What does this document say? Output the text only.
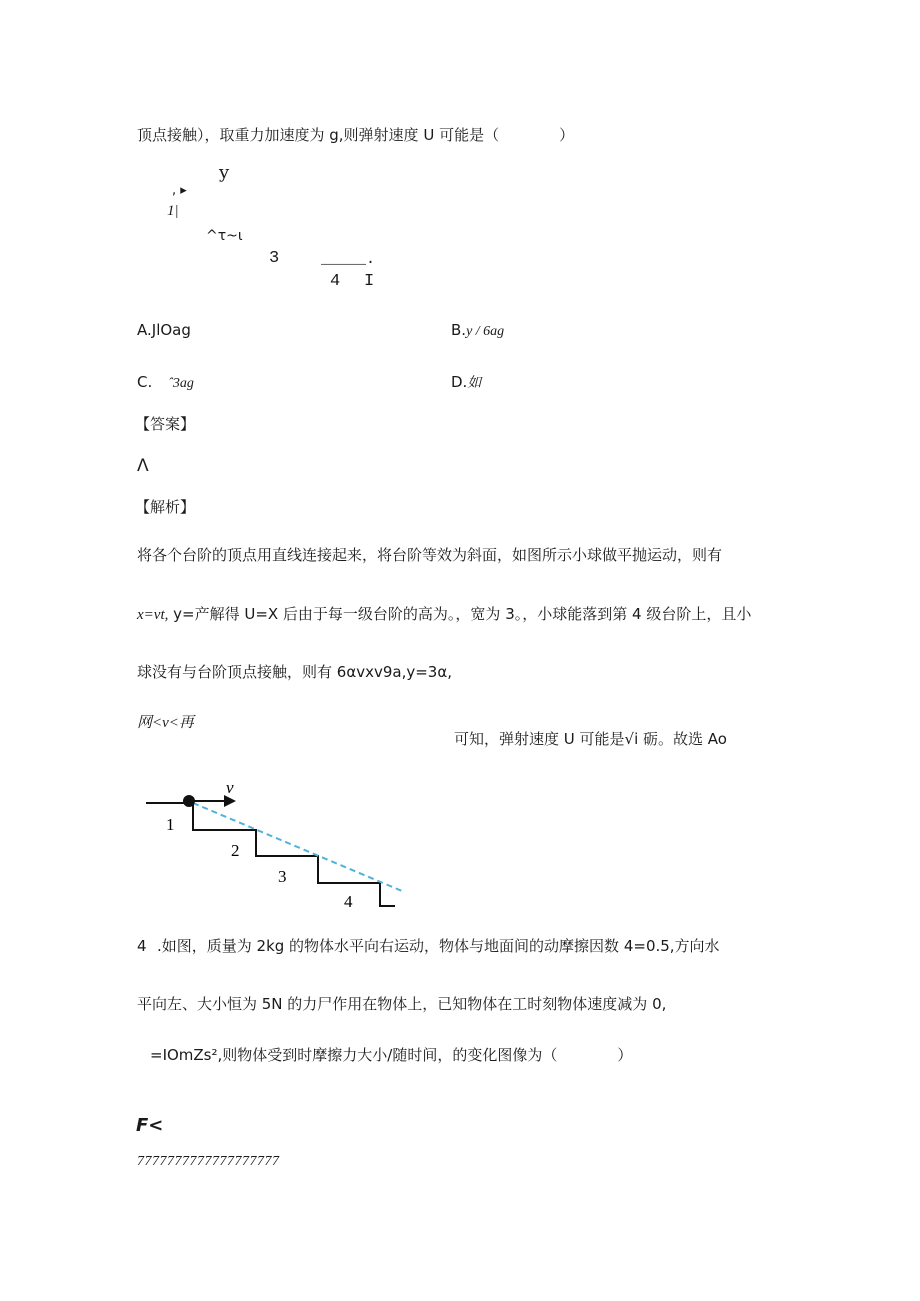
顶点接触），取重力加速度为 g,则弹射速度 U 可能是（　　　　）
y
, ▸
1|
^τ~ι
3	_____.
4 I
A.JlOag	B.y / 6ag
C. ˆ3ag	D.如
【答案】
Λ
【解析】
将各个台阶的顶点用直线连接起来，将台阶等效为斜面，如图所示小球做平抛运动，则有
x=vt, y=产解得 U=X 后由于每一级台阶的高为。，宽为 3。，小球能落到第 4 级台阶上，且小
球没有与台阶顶点接触，则有 6αvxv9a,y=3α,
网<v<再
可知，弹射速度 U 可能是√i 砺。故选 Ao
v
1
2
3
4
4 .如图，质量为 2kg 的物体水平向右运动，物体与地面间的动摩擦因数 4=0.5,方向水
平向左、大小恒为 5N 的力尸作用在物体上，已知物体在工时刻物体速度减为 0,
=IOmZs²,则物体受到时摩擦力大小/随时间，的变化图像为（　　　　）
F<
7777777777777777777
